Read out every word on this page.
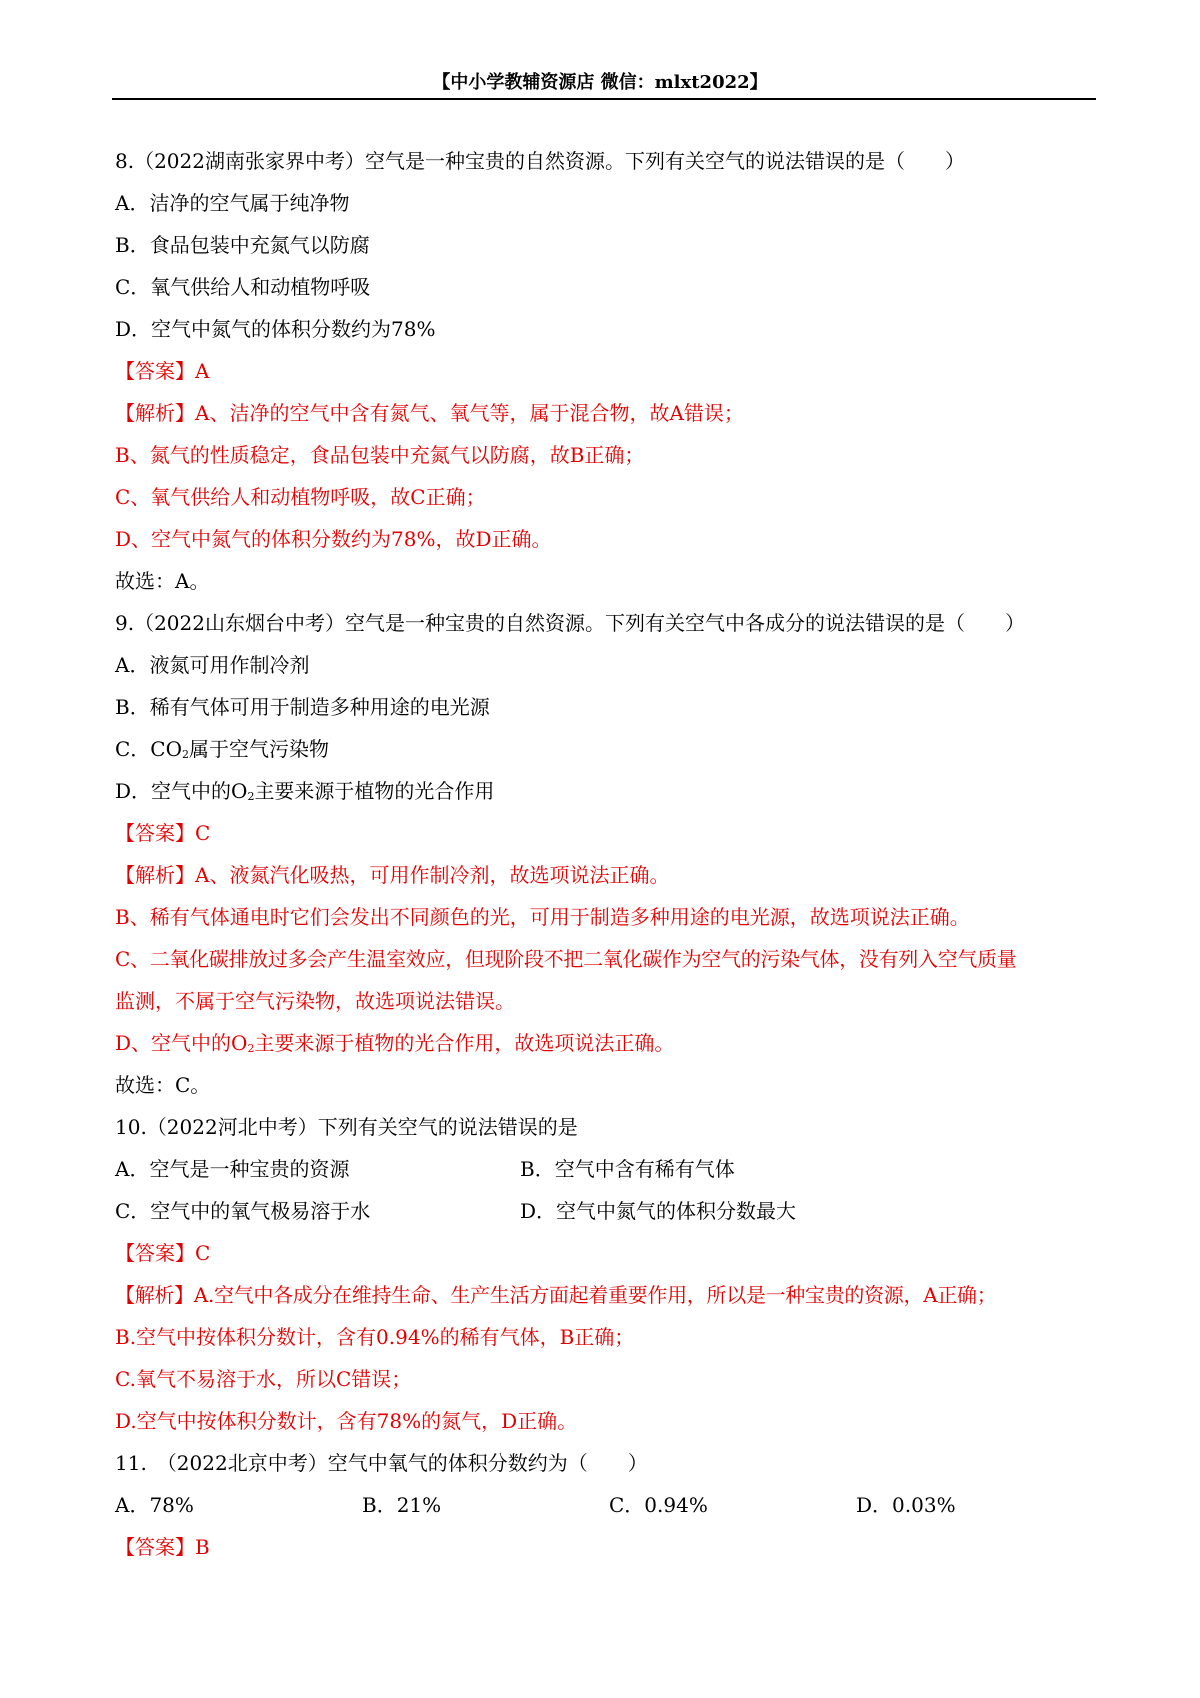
【中小学教辅资源店 微信：mlxt2022】
8.（2022湖南张家界中考）空气是一种宝贵的自然资源。下列有关空气的说法错误的是（　　）
A．洁净的空气属于纯净物
B．食品包装中充氮气以防腐
C．氧气供给人和动植物呼吸
D．空气中氮气的体积分数约为78%
【答案】A
【解析】A、洁净的空气中含有氮气、氧气等，属于混合物，故A错误；
B、氮气的性质稳定，食品包装中充氮气以防腐，故B正确；
C、氧气供给人和动植物呼吸，故C正确；
D、空气中氮气的体积分数约为78%，故D正确。
故选：A。
9.（2022山东烟台中考）空气是一种宝贵的自然资源。下列有关空气中各成分的说法错误的是（　　）
A．液氮可用作制冷剂
B．稀有气体可用于制造多种用途的电光源
C．$CO_2$属于空气污染物
D．空气中的$O_2$主要来源于植物的光合作用
【答案】C
【解析】A、液氮汽化吸热，可用作制冷剂，故选项说法正确。
B、稀有气体通电时它们会发出不同颜色的光，可用于制造多种用途的电光源，故选项说法正确。
C、二氧化碳排放过多会产生温室效应，但现阶段不把二氧化碳作为空气的污染气体，没有列入空气质量
监测，不属于空气污染物，故选项说法错误。
D、空气中的$O_2$主要来源于植物的光合作用，故选项说法正确。
故选：C。
10.（2022河北中考）下列有关空气的说法错误的是
A．空气是一种宝贵的资源	B．空气中含有稀有气体
C．空气中的氧气极易溶于水	D．空气中氮气的体积分数最大
【答案】C
【解析】A.空气中各成分在维持生命、生产生活方面起着重要作用，所以是一种宝贵的资源，A正确；
B.空气中按体积分数计，含有0.94%的稀有气体，B正确；
C.氧气不易溶于水，所以C错误；
D.空气中按体积分数计，含有78%的氮气，D正确。
11.　（2022北京中考）空气中氧气的体积分数约为（　　）
A．78%	B．21%	C．0.94%	D．0.03%
【答案】B
